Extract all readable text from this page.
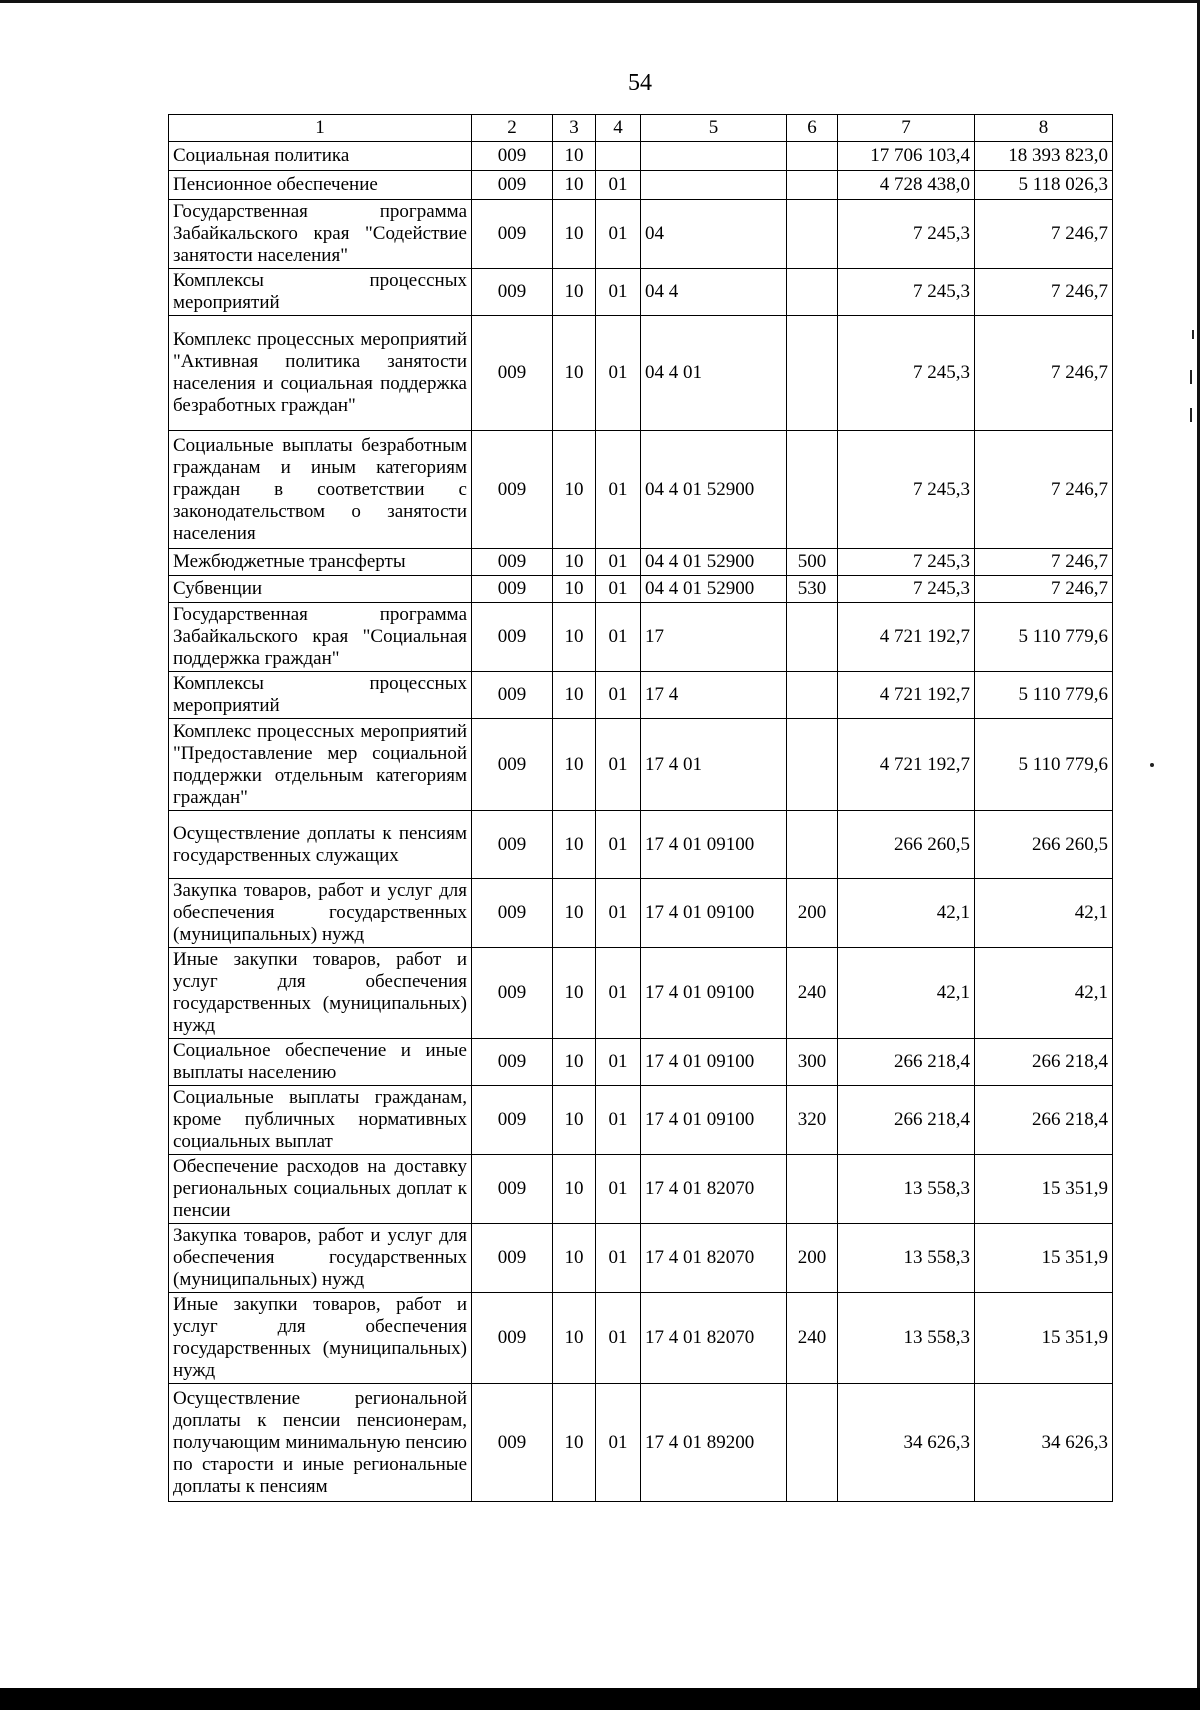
54
1	2	3	4	5	6	7	8
Социальная политика	009	10				17 706 103,4	18 393 823,0
Пенсионное обеспечение	009	10	01			4 728 438,0	5 118 026,3
Государственная программа Забайкальского края "Содействие занятости населения"	009	10	01	04		7 245,3	7 246,7
Комплексы процессных мероприятий	009	10	01	04 4		7 245,3	7 246,7
Комплекс процессных мероприятий "Активная политика занятости населения и социальная поддержка безработных граждан"	009	10	01	04 4 01		7 245,3	7 246,7
Социальные выплаты безработным гражданам и иным категориям граждан в соответствии с законодательством о занятости населения	009	10	01	04 4 01 52900		7 245,3	7 246,7
Межбюджетные трансферты	009	10	01	04 4 01 52900	500	7 245,3	7 246,7
Субвенции	009	10	01	04 4 01 52900	530	7 245,3	7 246,7
Государственная программа Забайкальского края "Социальная поддержка граждан"	009	10	01	17		4 721 192,7	5 110 779,6
Комплексы процессных мероприятий	009	10	01	17 4		4 721 192,7	5 110 779,6
Комплекс процессных мероприятий "Предоставление мер социальной поддержки отдельным категориям граждан"	009	10	01	17 4 01		4 721 192,7	5 110 779,6
Осуществление доплаты к пенсиям государственных служащих	009	10	01	17 4 01 09100		266 260,5	266 260,5
Закупка товаров, работ и услуг для обеспечения государственных (муниципальных) нужд	009	10	01	17 4 01 09100	200	42,1	42,1
Иные закупки товаров, работ и услуг для обеспечения государственных (муниципальных) нужд	009	10	01	17 4 01 09100	240	42,1	42,1
Социальное обеспечение и иные выплаты населению	009	10	01	17 4 01 09100	300	266 218,4	266 218,4
Социальные выплаты гражданам, кроме публичных нормативных социальных выплат	009	10	01	17 4 01 09100	320	266 218,4	266 218,4
Обеспечение расходов на доставку региональных социальных доплат к пенсии	009	10	01	17 4 01 82070		13 558,3	15 351,9
Закупка товаров, работ и услуг для обеспечения государственных (муниципальных) нужд	009	10	01	17 4 01 82070	200	13 558,3	15 351,9
Иные закупки товаров, работ и услуг для обеспечения государственных (муниципальных) нужд	009	10	01	17 4 01 82070	240	13 558,3	15 351,9
Осуществление региональной доплаты к пенсии пенсионерам, получающим минимальную пенсию по старости и иные региональные доплаты к пенсиям	009	10	01	17 4 01 89200		34 626,3	34 626,3
